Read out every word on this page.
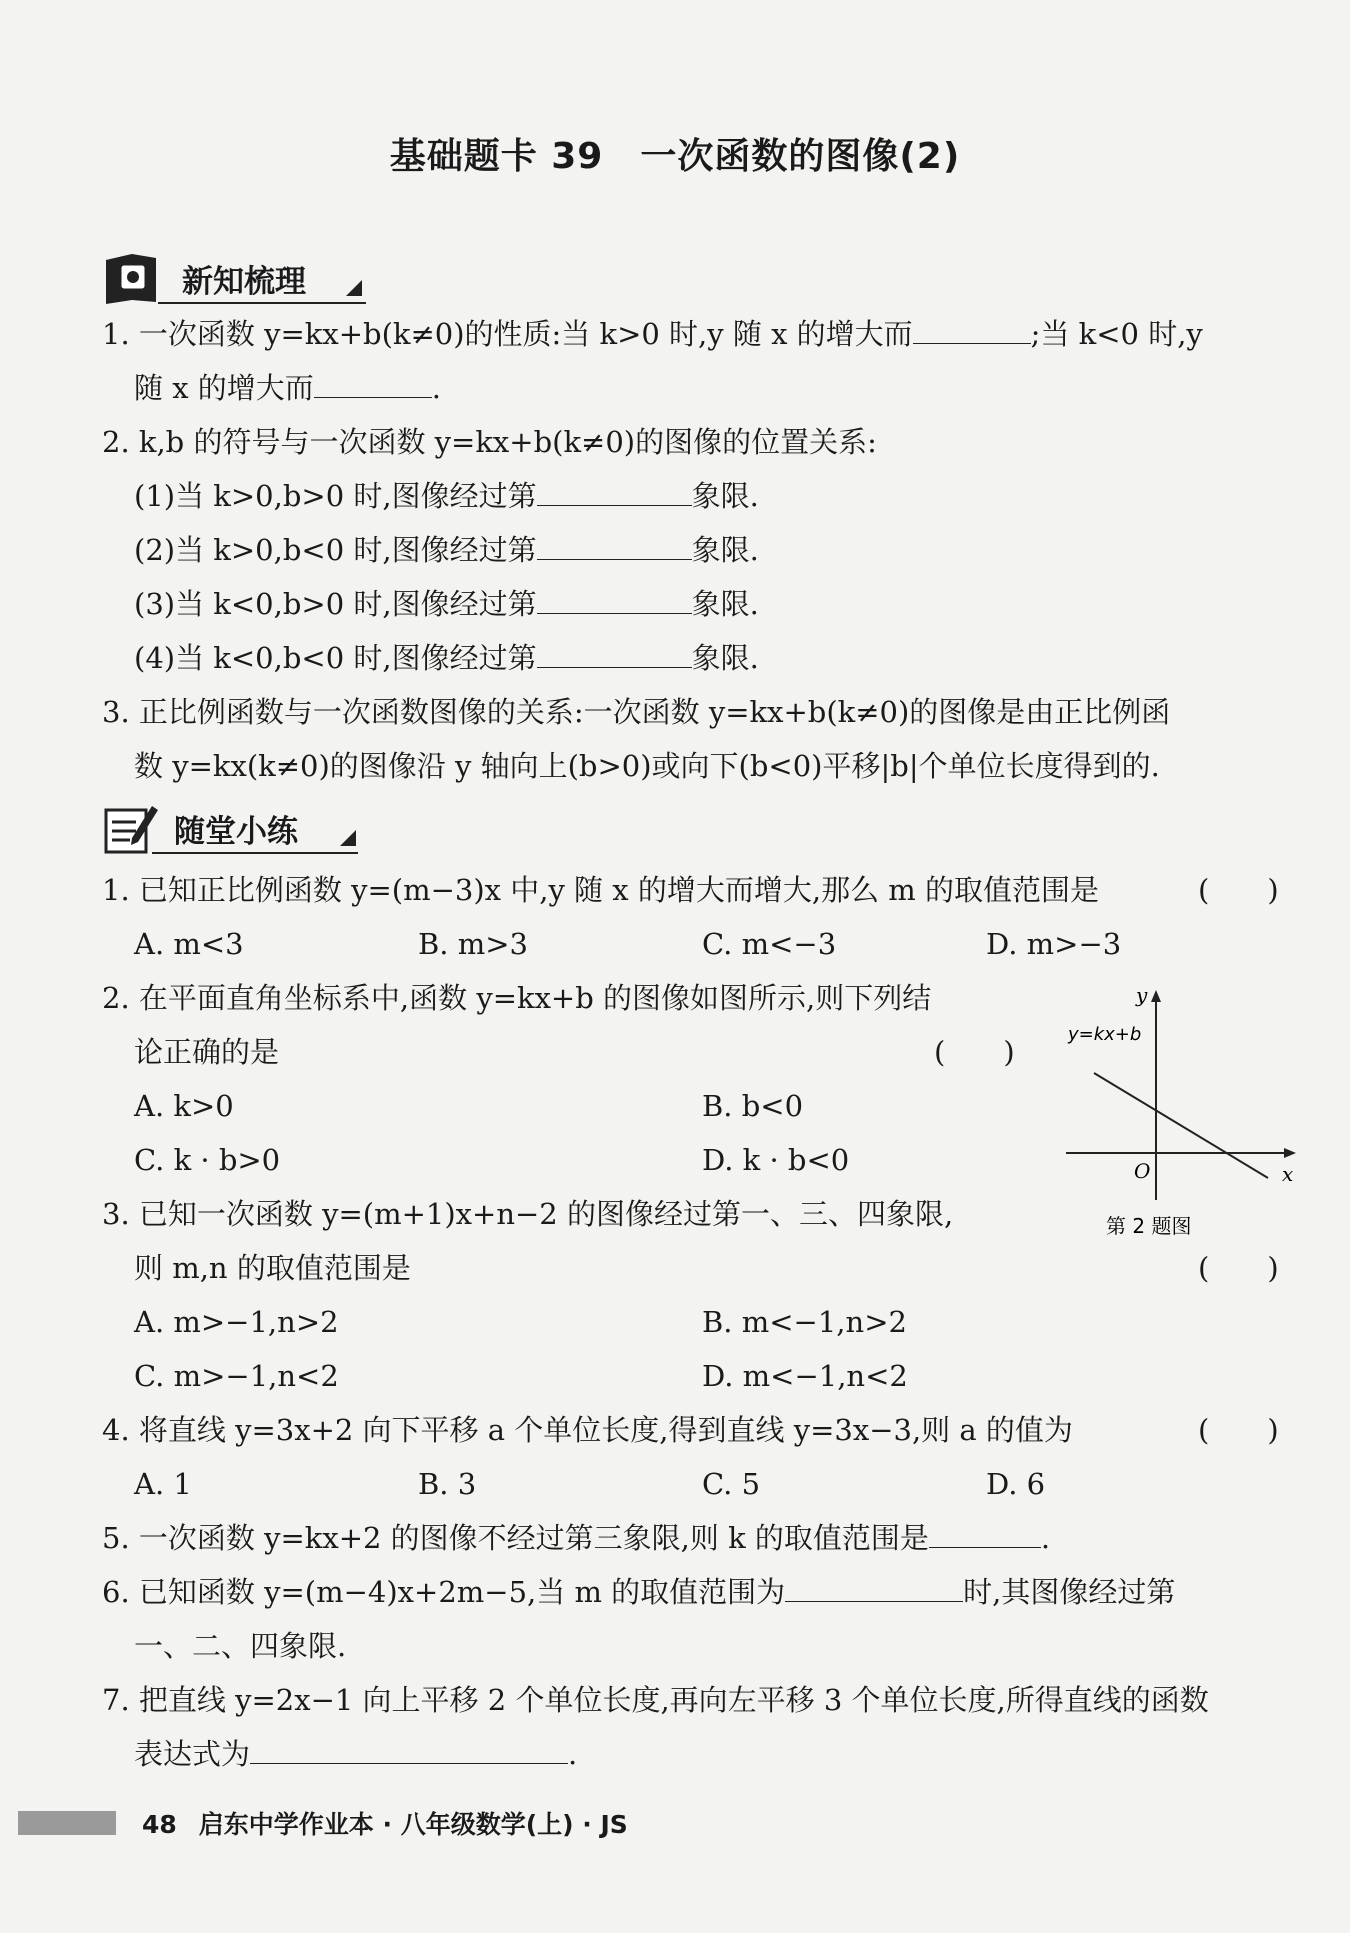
基础题卡 39　一次函数的图像(2)
新知梳理
1. 一次函数 y=kx+b(k≠0)的性质:当 k>0 时,y 随 x 的增大而	;当 k<0 时,y
随 x 的增大而	.
2. k,b 的符号与一次函数 y=kx+b(k≠0)的图像的位置关系:
(1)当 k>0,b>0 时,图像经过第	象限.
(2)当 k>0,b<0 时,图像经过第	象限.
(3)当 k<0,b>0 时,图像经过第	象限.
(4)当 k<0,b<0 时,图像经过第	象限.
3. 正比例函数与一次函数图像的关系:一次函数 y=kx+b(k≠0)的图像是由正比例函
数 y=kx(k≠0)的图像沿 y 轴向上(b>0)或向下(b<0)平移|b|个单位长度得到的.
随堂小练
1. 已知正比例函数 y=(m−3)x 中,y 随 x 的增大而增大,那么 m 的取值范围是	(　　)
A. m<3	B. m>3	C. m<−3	D. m>−3
2. 在平面直角坐标系中,函数 y=kx+b 的图像如图所示,则下列结
论正确的是	(　　)
A. k>0	B. b<0
C. k · b>0	D. k · b<0
y
x
O
y=kx+b
第 2 题图
3. 已知一次函数 y=(m+1)x+n−2 的图像经过第一、三、四象限,
则 m,n 的取值范围是	(　　)
A. m>−1,n>2	B. m<−1,n>2
C. m>−1,n<2	D. m<−1,n<2
4. 将直线 y=3x+2 向下平移 a 个单位长度,得到直线 y=3x−3,则 a 的值为	(　　)
A. 1	B. 3	C. 5	D. 6
5. 一次函数 y=kx+2 的图像不经过第三象限,则 k 的取值范围是	.
6. 已知函数 y=(m−4)x+2m−5,当 m 的取值范围为	时,其图像经过第
一、二、四象限.
7. 把直线 y=2x−1 向上平移 2 个单位长度,再向左平移 3 个单位长度,所得直线的函数
表达式为	.
48 启东中学作业本 · 八年级数学(上) · JS
